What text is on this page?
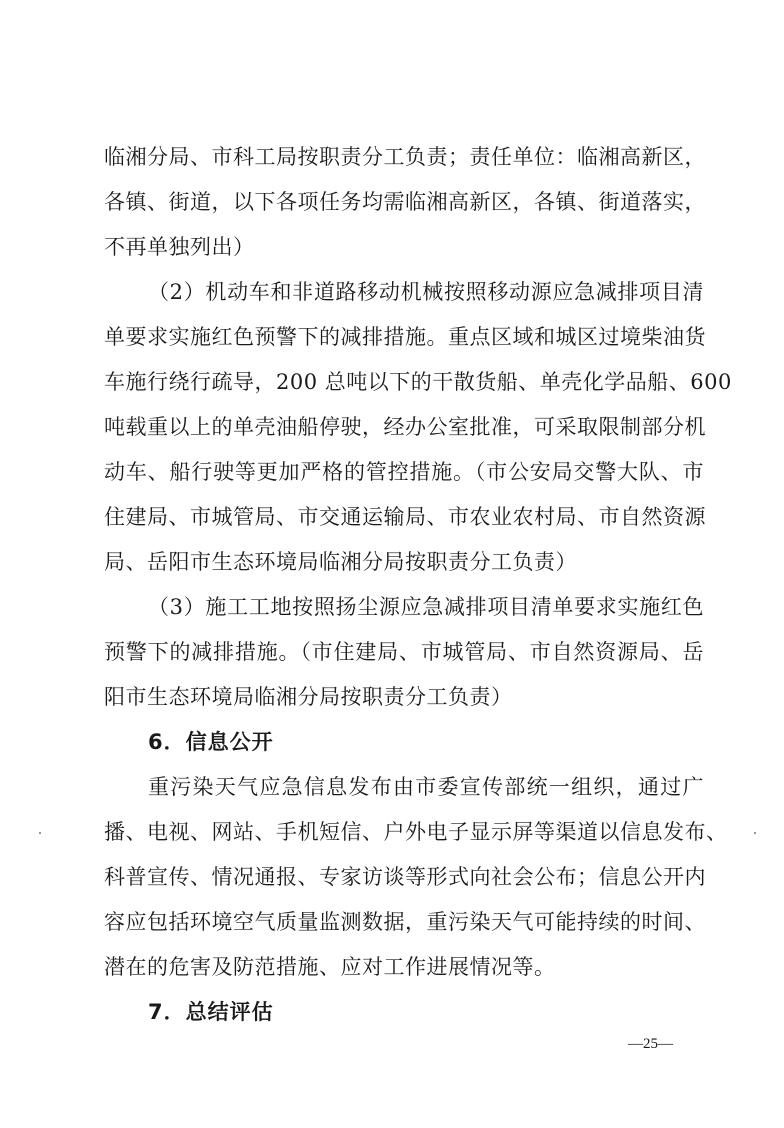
临湘分局、市科工局按职责分工负责；责任单位：临湘高新区，
各镇、街道，以下各项任务均需临湘高新区，各镇、街道落实，
不再单独列出）
（2）机动车和非道路移动机械按照移动源应急减排项目清
单要求实施红色预警下的减排措施。重点区域和城区过境柴油货
车施行绕行疏导，200 总吨以下的干散货船、单壳化学品船、600
吨载重以上的单壳油船停驶，经办公室批准，可采取限制部分机
动车、船行驶等更加严格的管控措施。（市公安局交警大队、市
住建局、市城管局、市交通运输局、市农业农村局、市自然资源
局、岳阳市生态环境局临湘分局按职责分工负责）
（3）施工工地按照扬尘源应急减排项目清单要求实施红色
预警下的减排措施。（市住建局、市城管局、市自然资源局、岳
阳市生态环境局临湘分局按职责分工负责）
6．信息公开
重污染天气应急信息发布由市委宣传部统一组织，通过广
播、电视、网站、手机短信、户外电子显示屏等渠道以信息发布、
科普宣传、情况通报、专家访谈等形式向社会公布；信息公开内
容应包括环境空气质量监测数据，重污染天气可能持续的时间、
潜在的危害及防范措施、应对工作进展情况等。
7．总结评估
—25—
